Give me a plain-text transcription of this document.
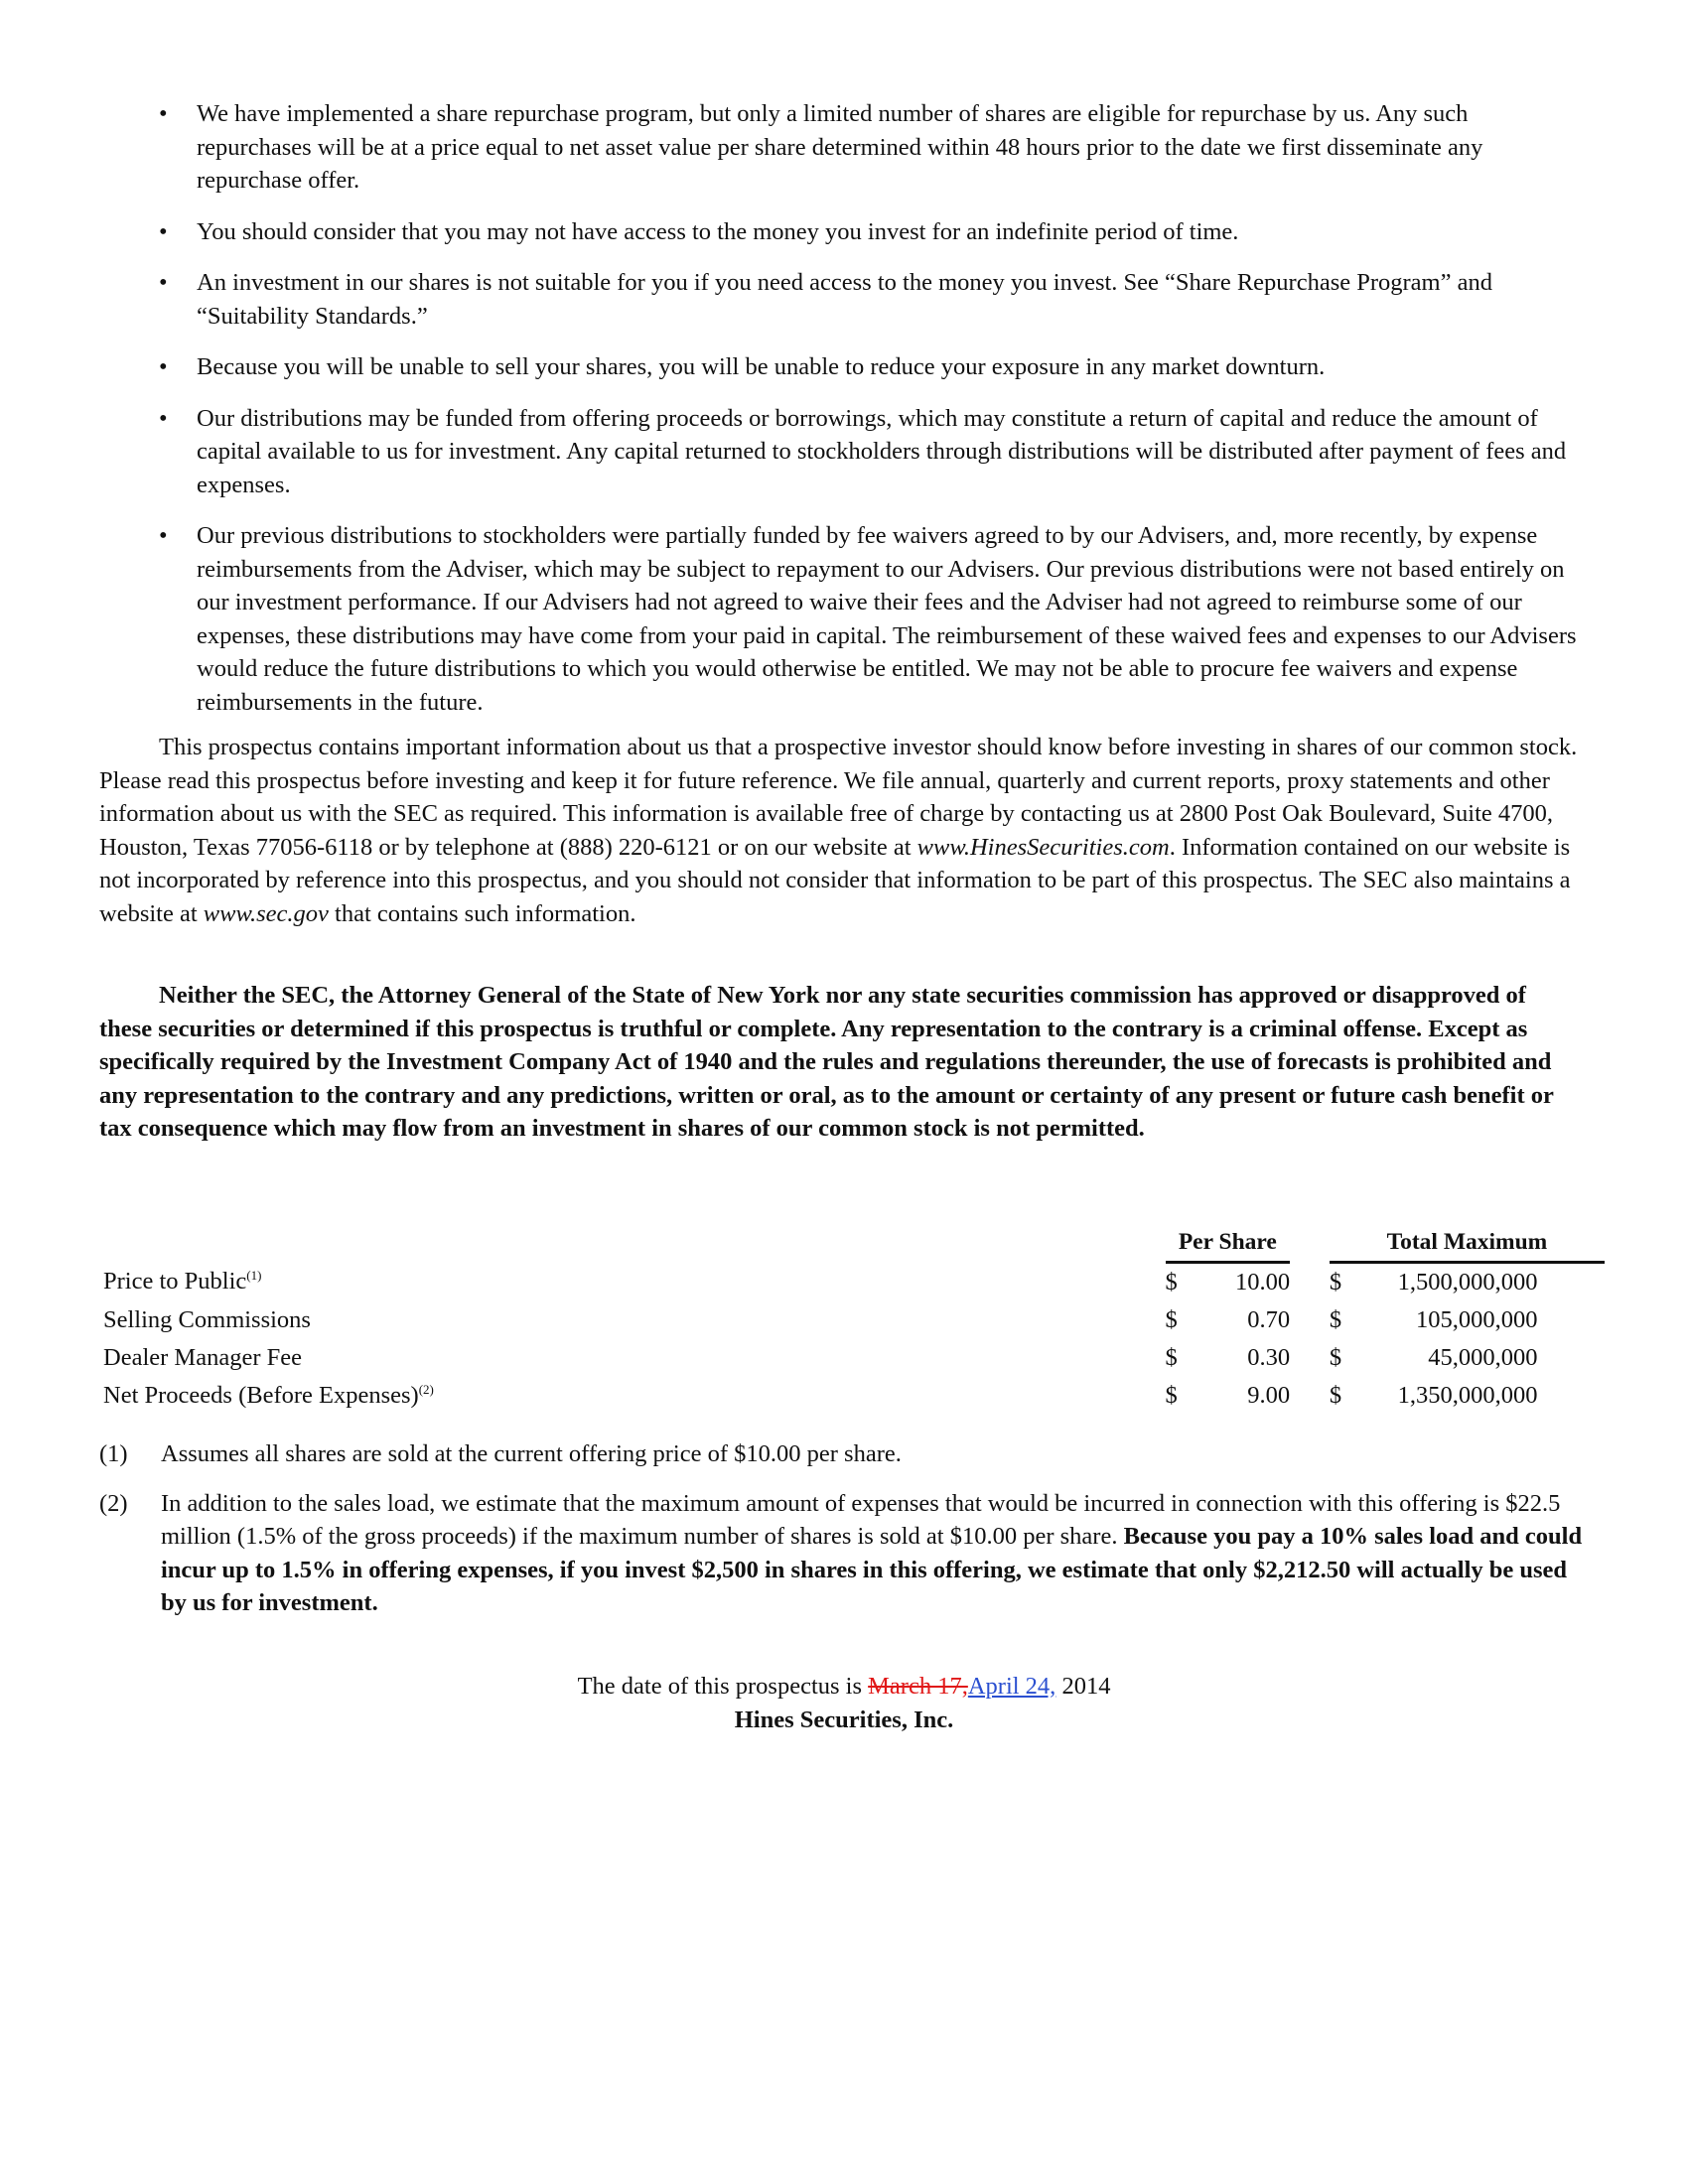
• We have implemented a share repurchase program, but only a limited number of shares are eligible for repurchase by us. Any such repurchases will be at a price equal to net asset value per share determined within 48 hours prior to the date we first disseminate any repurchase offer.
• You should consider that you may not have access to the money you invest for an indefinite period of time.
• An investment in our shares is not suitable for you if you need access to the money you invest. See “Share Repurchase Program” and “Suitability Standards.”
• Because you will be unable to sell your shares, you will be unable to reduce your exposure in any market downturn.
• Our distributions may be funded from offering proceeds or borrowings, which may constitute a return of capital and reduce the amount of capital available to us for investment. Any capital returned to stockholders through distributions will be distributed after payment of fees and expenses.
• Our previous distributions to stockholders were partially funded by fee waivers agreed to by our Advisers, and, more recently, by expense reimbursements from the Adviser, which may be subject to repayment to our Advisers. Our previous distributions were not based entirely on our investment performance. If our Advisers had not agreed to waive their fees and the Adviser had not agreed to reimburse some of our expenses, these distributions may have come from your paid in capital. The reimbursement of these waived fees and expenses to our Advisers would reduce the future distributions to which you would otherwise be entitled. We may not be able to procure fee waivers and expense reimbursements in the future.

This prospectus contains important information about us that a prospective investor should know before investing in shares of our common stock. Please read this prospectus before investing and keep it for future reference. We file annual, quarterly and current reports, proxy statements and other information about us with the SEC as required. This information is available free of charge by contacting us at 2800 Post Oak Boulevard, Suite 4700, Houston, Texas 77056-6118 or by telephone at (888) 220-6121 or on our website at www.HinesSecurities.com. Information contained on our website is not incorporated by reference into this prospectus, and you should not consider that information to be part of this prospectus. The SEC also maintains a website at www.sec.gov that contains such information.

Neither the SEC, the Attorney General of the State of New York nor any state securities commission has approved or disapproved of these securities or determined if this prospectus is truthful or complete. Any representation to the contrary is a criminal offense. Except as specifically required by the Investment Company Act of 1940 and the rules and regulations thereunder, the use of forecasts is prohibited and any representation to the contrary and any predictions, written or oral, as to the amount or certainty of any present or future cash benefit or tax consequence which may flow from an investment in shares of our common stock is not permitted.

	Per Share			Total Maximum		
Price to Public$^{(1)}$	$	10.00		$	1,500,000,000	
Selling Commissions	$	0.70		$	105,000,000	
Dealer Manager Fee	$	0.30		$	45,000,000	
Net Proceeds (Before Expenses)$^{(2)}$	$	9.00		$	1,350,000,000	
(1) Assumes all shares are sold at the current offering price of $10.00 per share.
(2) In addition to the sales load, we estimate that the maximum amount of expenses that would be incurred in connection with this offering is $22.5 million (1.5% of the gross proceeds) if the maximum number of shares is sold at $10.00 per share. Because you pay a 10% sales load and could incur up to 1.5% in offering expenses, if you invest $2,500 in shares in this offering, we estimate that only $2,212.50 will actually be used by us for investment.
The date of this prospectus is March 17,April 24, 2014
Hines Securities, Inc.
